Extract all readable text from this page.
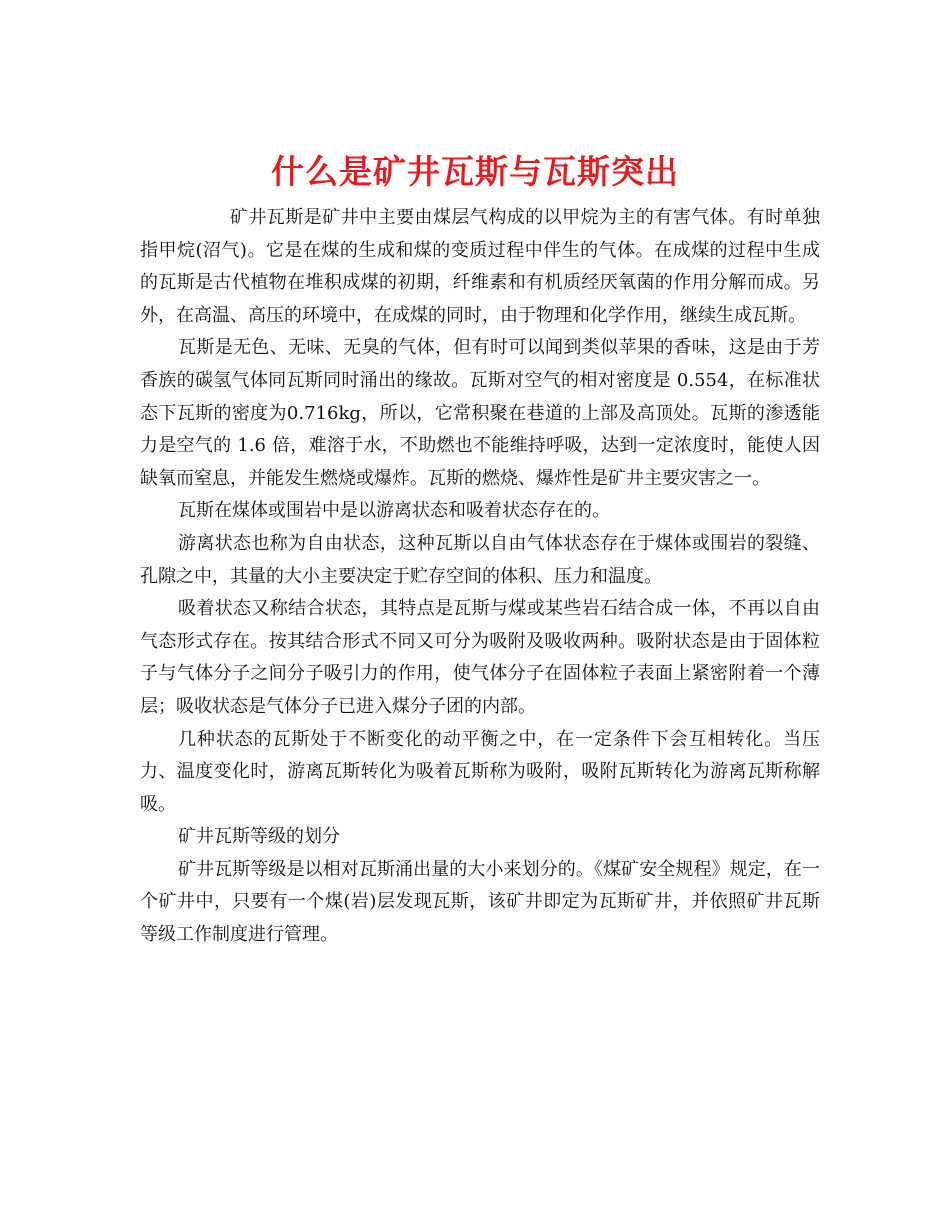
什么是矿井瓦斯与瓦斯突出

矿井瓦斯是矿井中主要由煤层气构成的以甲烷为主的有害气体。有时单独指甲烷(沼气)。它是在煤的生成和煤的变质过程中伴生的气体。在成煤的过程中生成的瓦斯是古代植物在堆积成煤的初期，纤维素和有机质经厌氧菌的作用分解而成。另外，在高温、高压的环境中，在成煤的同时，由于物理和化学作用，继续生成瓦斯。

瓦斯是无色、无味、无臭的气体，但有时可以闻到类似苹果的香味，这是由于芳香族的碳氢气体同瓦斯同时涌出的缘故。瓦斯对空气的相对密度是 0.554，在标准状态下瓦斯的密度为0.716kg，所以，它常积聚在巷道的上部及高顶处。瓦斯的渗透能力是空气的 1.6 倍，难溶于水，不助燃也不能维持呼吸，达到一定浓度时，能使人因缺氧而窒息，并能发生燃烧或爆炸。瓦斯的燃烧、爆炸性是矿井主要灾害之一。

瓦斯在煤体或围岩中是以游离状态和吸着状态存在的。

游离状态也称为自由状态，这种瓦斯以自由气体状态存在于煤体或围岩的裂缝、孔隙之中，其量的大小主要决定于贮存空间的体积、压力和温度。

吸着状态又称结合状态，其特点是瓦斯与煤或某些岩石结合成一体，不再以自由气态形式存在。按其结合形式不同又可分为吸附及吸收两种。吸附状态是由于固体粒子与气体分子之间分子吸引力的作用，使气体分子在固体粒子表面上紧密附着一个薄层；吸收状态是气体分子已进入煤分子团的内部。

几种状态的瓦斯处于不断变化的动平衡之中，在一定条件下会互相转化。当压力、温度变化时，游离瓦斯转化为吸着瓦斯称为吸附，吸附瓦斯转化为游离瓦斯称解吸。

矿井瓦斯等级的划分

矿井瓦斯等级是以相对瓦斯涌出量的大小来划分的。《煤矿安全规程》规定，在一个矿井中，只要有一个煤(岩)层发现瓦斯，该矿井即定为瓦斯矿井，并依照矿井瓦斯等级工作制度进行管理。
